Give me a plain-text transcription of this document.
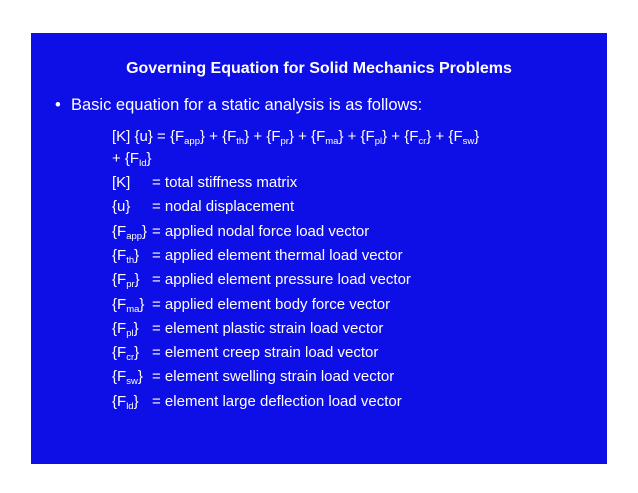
Governing Equation for Solid Mechanics Problems
• Basic equation for a static analysis is as follows:
[K] $\{u\} = \{F_{app}\} + \{F_{th}\} + \{F_{pr}\} + \{F_{ma}\} + \{F_{pl}\} + \{F_{cr}\} + \{F_{sw}\}$
+ $\{F_{ld}\}$
[K] = total stiffness matrix
{u} = nodal displacement
$\{F_{app}\}$ = applied nodal force load vector
$\{F_{th}\}$ = applied element thermal load vector
$\{F_{pr}\}$ = applied element pressure load vector
$\{F_{ma}\}$ = applied element body force vector
$\{F_{pl}\}$ = element plastic strain load vector
$\{F_{cr}\}$ = element creep strain load vector
$\{F_{sw}\}$ = element swelling strain load vector
$\{F_{ld}\}$ = element large deflection load vector
